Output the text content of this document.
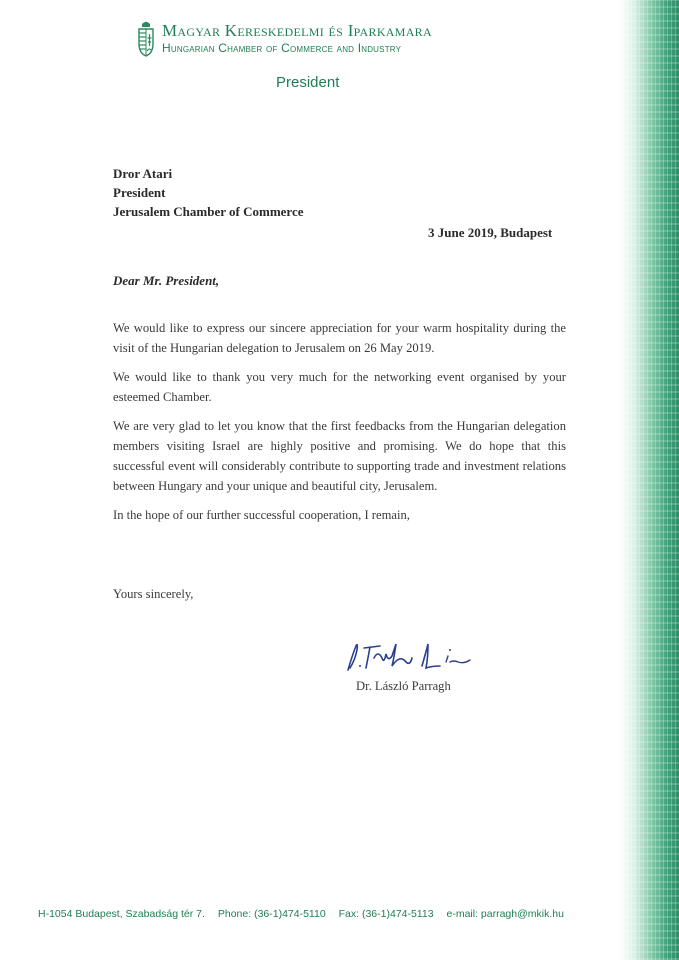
Magyar Kereskedelmi és Iparkamara
Hungarian Chamber of Commerce and Industry
President
Dror Atari
President
Jerusalem Chamber of Commerce
3 June 2019, Budapest
Dear Mr. President,

We would like to express our sincere appreciation for your warm hospitality during the visit of the Hungarian delegation to Jerusalem on 26 May 2019.

We would like to thank you very much for the networking event organised by your esteemed Chamber.

We are very glad to let you know that the first feedbacks from the Hungarian delegation members visiting Israel are highly positive and promising. We do hope that this successful event will considerably contribute to supporting trade and investment relations between Hungary and your unique and beautiful city, Jerusalem.

In the hope of our further successful cooperation, I remain,

Yours sincerely,
Dr. László Parragh
H-1054 Budapest, Szabadság tér 7. Phone: (36-1)474-5110 Fax: (36-1)474-5113 e-mail: parragh@mkik.hu
